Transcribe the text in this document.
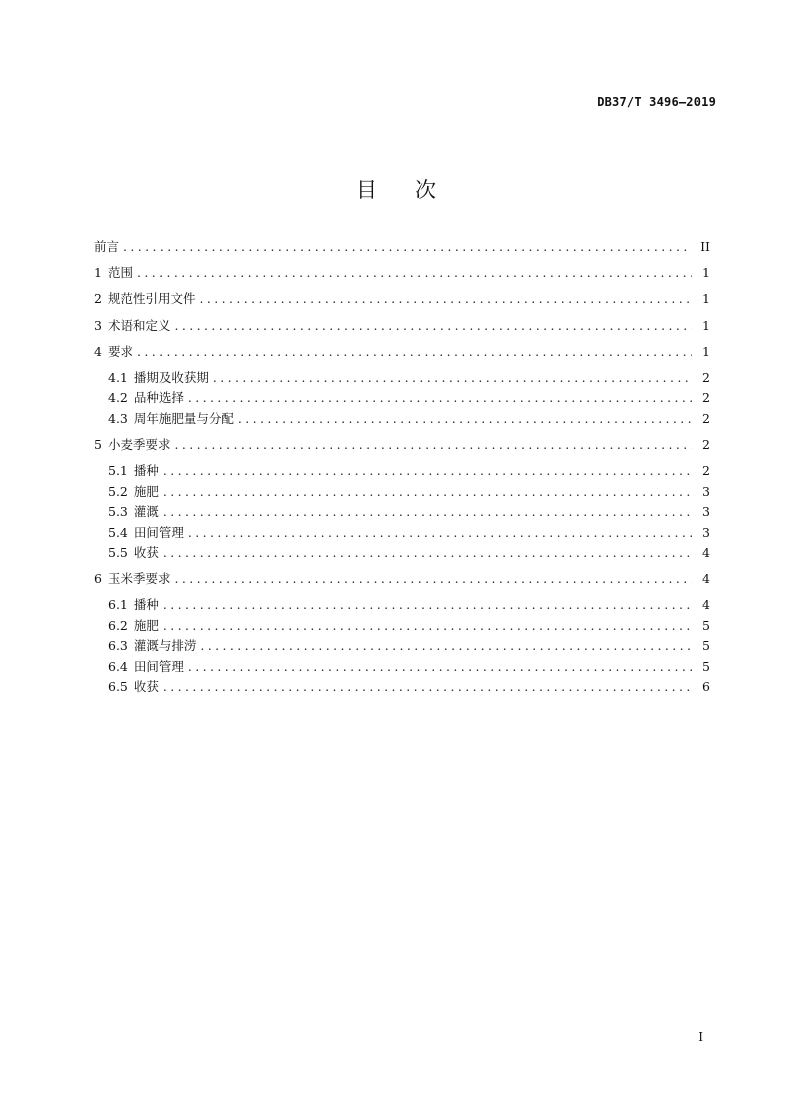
DB37/T 3496—2019
目 次
前言 .....	II
1 范围 .....	1
2 规范性引用文件 .....	1
3 术语和定义 .....	1
4 要求 .....	1
4.1 播期及收获期 .....	2
4.2 品种选择 .....	2
4.3 周年施肥量与分配 .....	2
5 小麦季要求 .....	2
5.1 播种 .....	2
5.2 施肥 .....	3
5.3 灌溉 .....	3
5.4 田间管理 .....	3
5.5 收获 .....	4
6 玉米季要求 .....	4
6.1 播种 .....	4
6.2 施肥 .....	5
6.3 灌溉与排涝 .....	5
6.4 田间管理 .....	5
6.5 收获 .....	6
I
